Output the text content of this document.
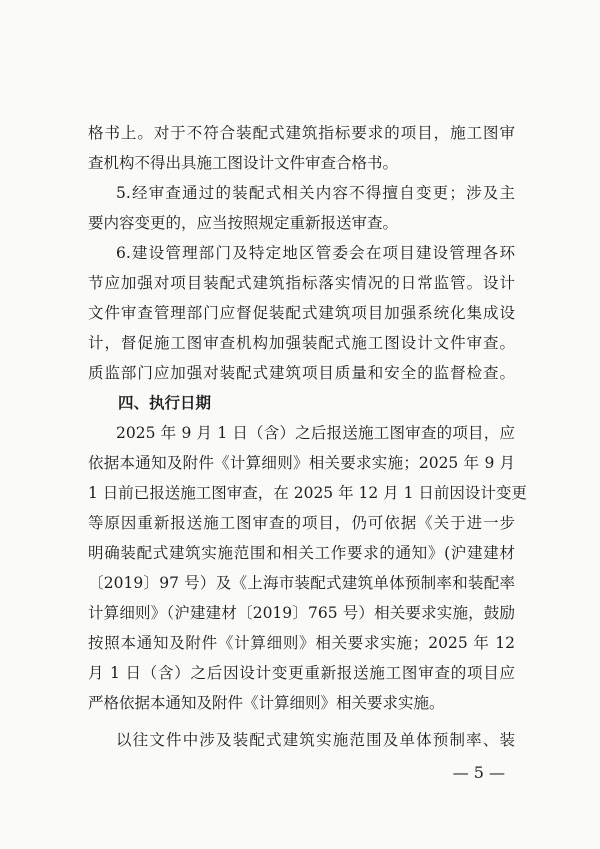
格书上。对于不符合装配式建筑指标要求的项目，施工图审
查机构不得出具施工图设计文件审查合格书。
5.经审查通过的装配式相关内容不得擅自变更；涉及主
要内容变更的，应当按照规定重新报送审查。
6.建设管理部门及特定地区管委会在项目建设管理各环
节应加强对项目装配式建筑指标落实情况的日常监管。设计
文件审查管理部门应督促装配式建筑项目加强系统化集成设
计，督促施工图审查机构加强装配式施工图设计文件审查。
质监部门应加强对装配式建筑项目质量和安全的监督检查。
四、执行日期
2025 年 9 月 1 日（含）之后报送施工图审查的项目，应
依据本通知及附件《计算细则》相关要求实施；2025 年 9 月
1 日前已报送施工图审查，在 2025 年 12 月 1 日前因设计变更
等原因重新报送施工图审查的项目，仍可依据《关于进一步
明确装配式建筑实施范围和相关工作要求的通知》(沪建建材
〔2019〕97 号）及《上海市装配式建筑单体预制率和装配率
计算细则》（沪建建材〔2019〕765 号）相关要求实施，鼓励
按照本通知及附件《计算细则》相关要求实施；2025 年 12
月 1 日（含）之后因设计变更重新报送施工图审查的项目应
严格依据本通知及附件《计算细则》相关要求实施。
以往文件中涉及装配式建筑实施范围及单体预制率、装
— 5 —
